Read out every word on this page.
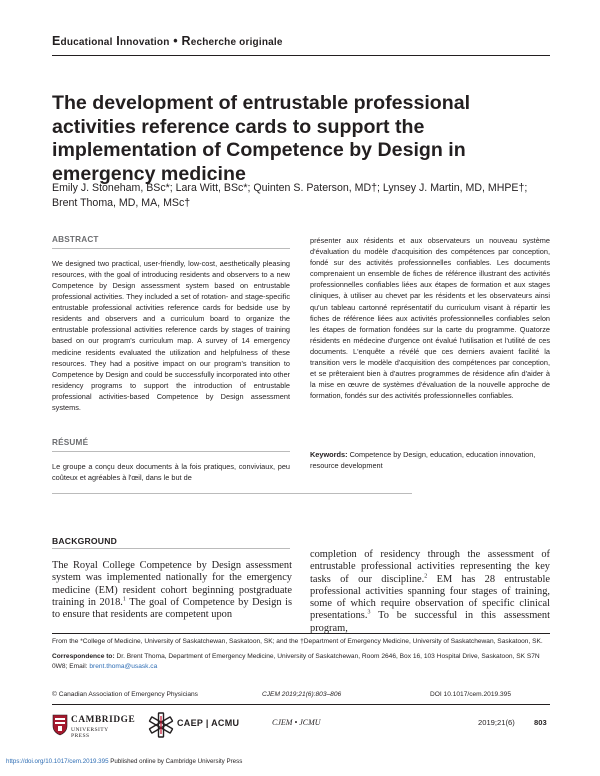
Educational Innovation • Recherche originale
The development of entrustable professional activities reference cards to support the implementation of Competence by Design in emergency medicine
Emily J. Stoneham, BSc*; Lara Witt, BSc*; Quinten S. Paterson, MD†; Lynsey J. Martin, MD, MHPE†; Brent Thoma, MD, MA, MSc†
ABSTRACT

We designed two practical, user-friendly, low-cost, aesthetically pleasing resources, with the goal of introducing residents and observers to a new Competence by Design assessment system based on entrustable professional activities. They included a set of rotation- and stage-specific entrustable professional activities reference cards for bedside use by residents and observers and a curriculum board to organize the entrustable professional activities reference cards by stages of training based on our program's curriculum map. A survey of 14 emergency medicine residents evaluated the utilization and helpfulness of these resources. They had a positive impact on our program's transition to Competence by Design and could be successfully incorporated into other residency programs to support the introduction of entrustable professional activities-based Competence by Design assessment systems.

RÉSUMÉ

Le groupe a conçu deux documents à la fois pratiques, conviviaux, peu coûteux et agréables à l'œil, dans le but de

présenter aux résidents et aux observateurs un nouveau système d'évaluation du modèle d'acquisition des compétences par conception, fondé sur des activités professionnelles confiables. Les documents comprenaient un ensemble de fiches de référence illustrant des activités professionnelles confiables liées aux étapes de formation et aux stages cliniques, à utiliser au chevet par les résidents et les observateurs ainsi qu'un tableau cartonné représentatif du curriculum visant à répartir les fiches de référence liées aux activités professionnelles confiables selon les étapes de formation fondées sur la carte du programme. Quatorze résidents en médecine d'urgence ont évalué l'utilisation et l'utilité de ces documents. L'enquête a révélé que ces derniers avaient facilité la transition vers le modèle d'acquisition des compétences par conception, et se prêteraient bien à d'autres programmes de résidence afin d'aider à la mise en œuvre de systèmes d'évaluation de la nouvelle approche de formation, fondés sur des activités professionnelles confiables.

Keywords: Competence by Design, education, education innovation, resource development
BACKGROUND

The Royal College Competence by Design assessment system was implemented nationally for the emergency medicine (EM) resident cohort beginning postgraduate training in 2018.$^1$ The goal of Competence by Design is to ensure that residents are competent upon

completion of residency through the assessment of entrustable professional activities representing the key tasks of our discipline.$^2$ EM has 28 entrustable professional activities spanning four stages of training, some of which require observation of specific clinical presentations.$^3$ To be successful in this assessment program,

From the *College of Medicine, University of Saskatchewan, Saskatoon, SK; and the †Department of Emergency Medicine, University of Saskatchewan, Saskatoon, SK.

Correspondence to: Dr. Brent Thoma, Department of Emergency Medicine, University of Saskatchewan, Room 2646, Box 16, 103 Hospital Drive, Saskatoon, SK S7N 0W8; Email: brent.thoma@usask.ca

© Canadian Association of Emergency Physicians	CJEM 2019;21(6):803–806	DOI 10.1017/cem.2019.395
CAMBRIDGE
UNIVERSITY PRESS
CAEP | ACMU	CJEM • JCMU	2019;21(6)	803
https://doi.org/10.1017/cem.2019.395 Published online by Cambridge University Press
